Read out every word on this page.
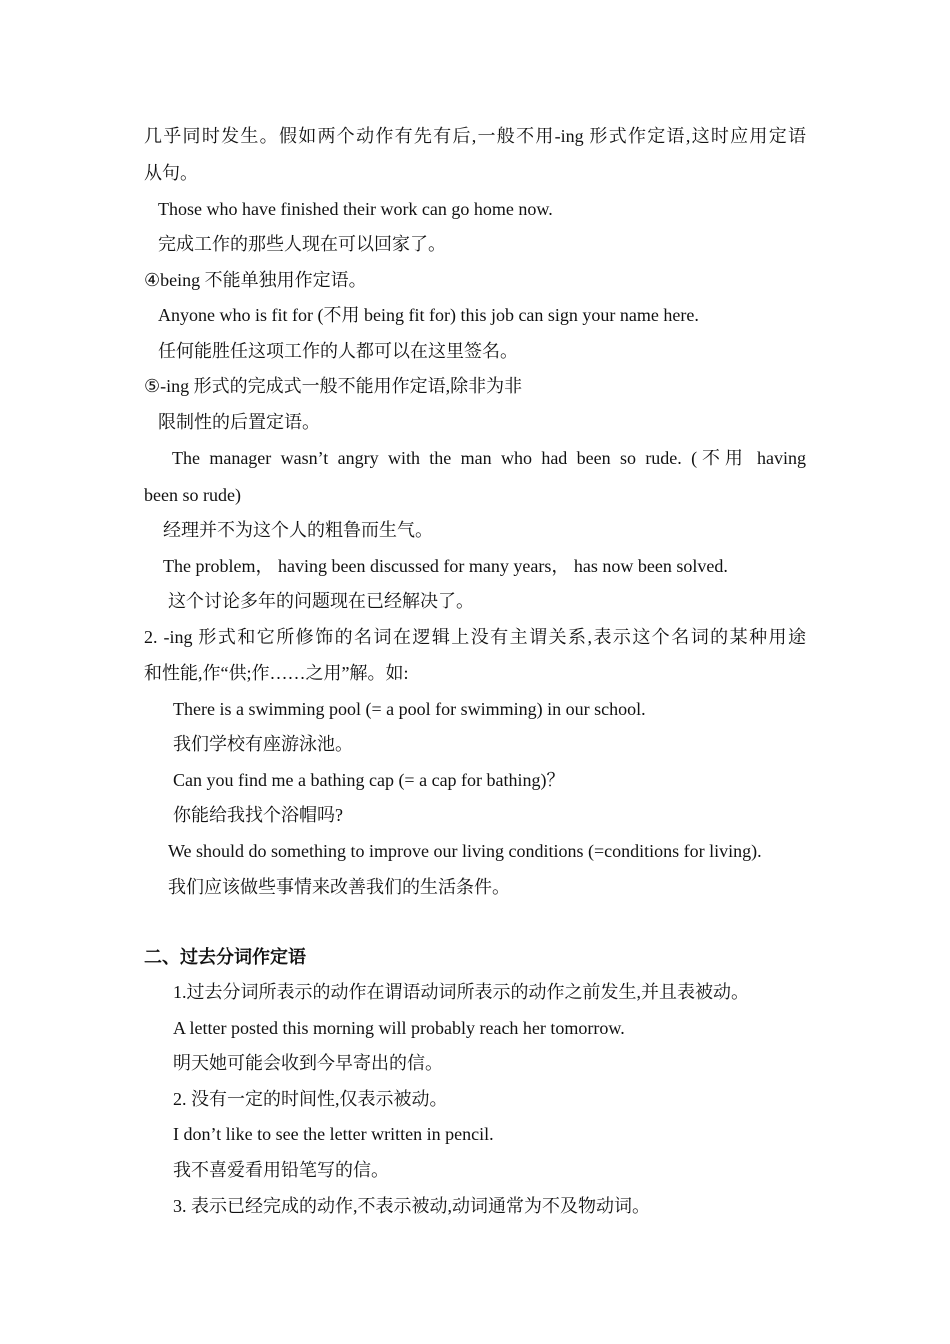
几乎同时发生。假如两个动作有先有后,一般不用-ing 形式作定语,这时应用定语
从句。
Those who have finished their work can go home now.
完成工作的那些人现在可以回家了。
④being 不能单独用作定语。
Anyone who is fit for (不用 being fit for) this job can sign your name here.
任何能胜任这项工作的人都可以在这里签名。
⑤-ing 形式的完成式一般不能用作定语,除非为非
限制性的后置定语。
The manager wasn’t angry with the man who had been so rude. (不用 having
been so rude)
经理并不为这个人的粗鲁而生气。
The problem， having been discussed for many years， has now been solved.
这个讨论多年的问题现在已经解决了。
2. -ing 形式和它所修饰的名词在逻辑上没有主谓关系,表示这个名词的某种用途
和性能,作“供;作……之用”解。如:
There is a swimming pool (= a pool for swimming) in our school.
我们学校有座游泳池。
Can you find me a bathing cap (= a cap for bathing)？
你能给我找个浴帽吗?
We should do something to improve our living conditions (=conditions for living).
我们应该做些事情来改善我们的生活条件。
二、过去分词作定语
1.过去分词所表示的动作在谓语动词所表示的动作之前发生,并且表被动。
A letter posted this morning will probably reach her tomorrow.
明天她可能会收到今早寄出的信。
2. 没有一定的时间性,仅表示被动。
I don’t like to see the letter written in pencil.
我不喜爱看用铅笔写的信。
3. 表示已经完成的动作,不表示被动,动词通常为不及物动词。
